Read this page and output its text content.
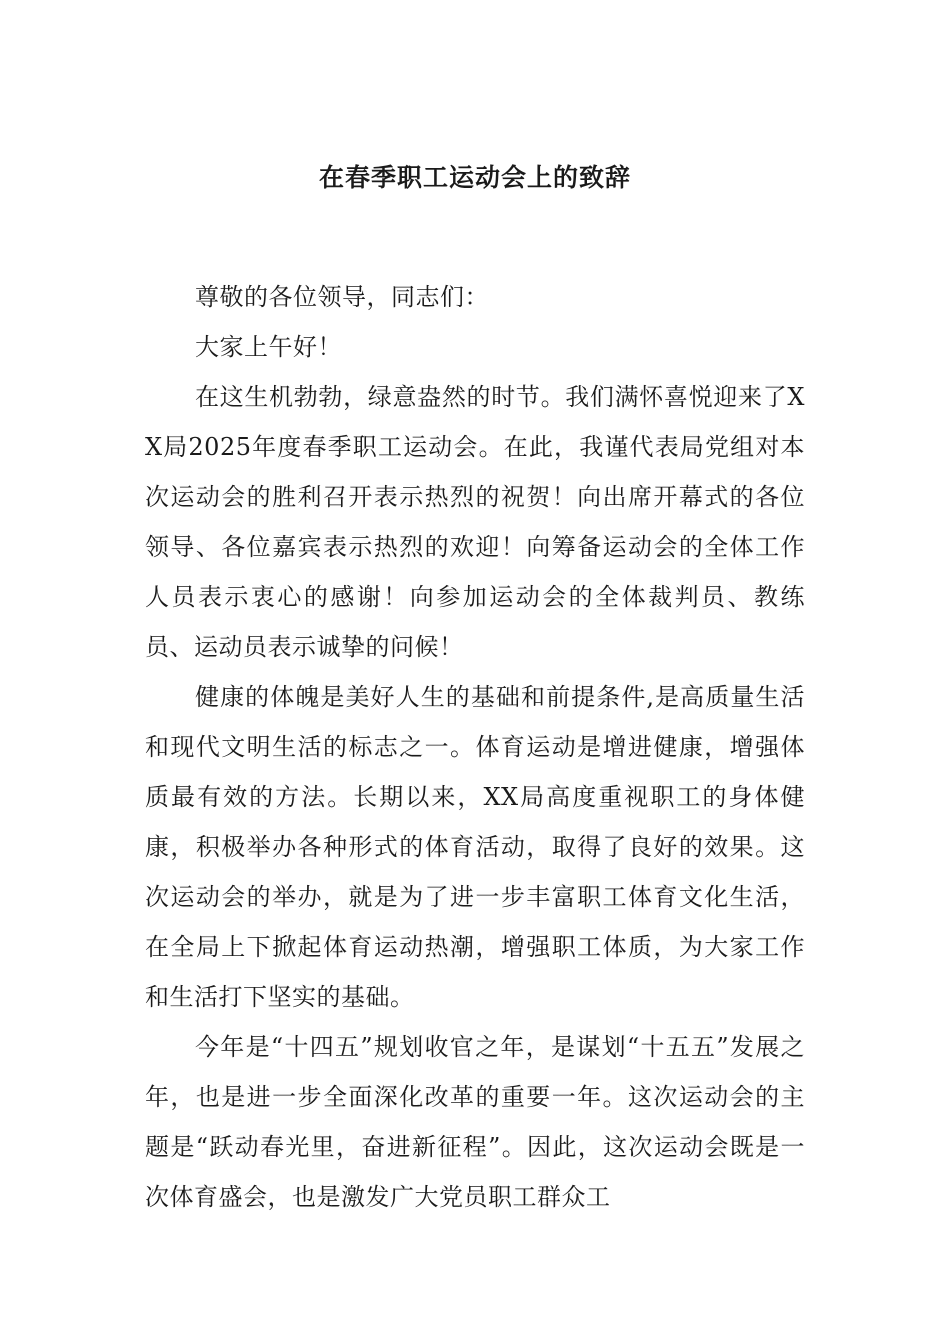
在春季职工运动会上的致辞

尊敬的各位领导，同志们：

大家上午好！

在这生机勃勃，绿意盎然的时节。我们满怀喜悦迎来了XX局2025年度春季职工运动会。在此，我谨代表局党组对本次运动会的胜利召开表示热烈的祝贺！向出席开幕式的各位领导、各位嘉宾表示热烈的欢迎！向筹备运动会的全体工作人员表示衷心的感谢！向参加运动会的全体裁判员、教练员、运动员表示诚挚的问候！

健康的体魄是美好人生的基础和前提条件,是高质量生活和现代文明生活的标志之一。体育运动是增进健康，增强体质最有效的方法。长期以来，XX局高度重视职工的身体健康，积极举办各种形式的体育活动，取得了良好的效果。这次运动会的举办，就是为了进一步丰富职工体育文化生活，在全局上下掀起体育运动热潮，增强职工体质，为大家工作和生活打下坚实的基础。

今年是“十四五”规划收官之年，是谋划“十五五”发展之年，也是进一步全面深化改革的重要一年。这次运动会的主题是“跃动春光里，奋进新征程”。因此，这次运动会既是一次体育盛会，也是激发广大党员职工群众工
